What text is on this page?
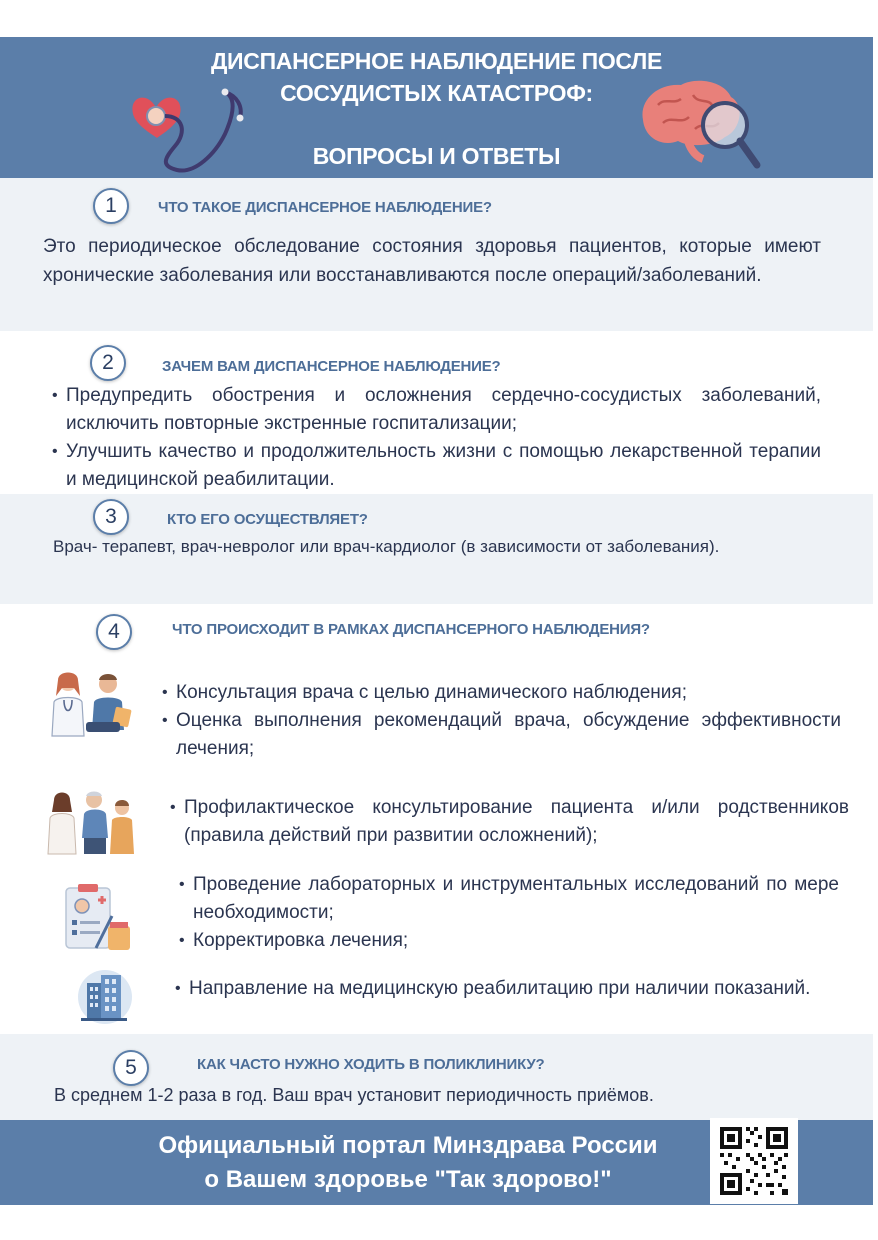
ДИСПАНСЕРНОЕ НАБЛЮДЕНИЕ ПОСЛЕ
СОСУДИСТЫХ КАТАСТРОФ:
ВОПРОСЫ И ОТВЕТЫ
1	ЧТО ТАКОЕ ДИСПАНСЕРНОЕ НАБЛЮДЕНИЕ?
Это периодическое обследование состояния здоровья пациентов, которые имеют хронические заболевания или восстанавливаются после операций/заболеваний.
2	ЗАЧЕМ ВАМ ДИСПАНСЕРНОЕ НАБЛЮДЕНИЕ?
• Предупредить обострения и осложнения сердечно-сосудистых заболеваний, исключить повторные экстренные госпитализации;
• Улучшить качество и продолжительность жизни с помощью лекарственной терапии и медицинской реабилитации.
3	КТО ЕГО ОСУЩЕСТВЛЯЕТ?
Врач- терапевт, врач-невролог или врач-кардиолог (в зависимости от заболевания).
4	ЧТО ПРОИСХОДИТ В РАМКАХ ДИСПАНСЕРНОГО НАБЛЮДЕНИЯ?
• Консультация врача с целью динамического наблюдения;
• Оценка выполнения рекомендаций врача, обсуждение эффективности лечения;
• Профилактическое консультирование пациента и/или родственников (правила действий при развитии осложнений);
• Проведение лабораторных и инструментальных исследований по мере необходимости;
• Корректировка лечения;
• Направление на медицинскую реабилитацию при наличии показаний.
5	КАК ЧАСТО НУЖНО ХОДИТЬ В ПОЛИКЛИНИКУ?
В среднем 1-2 раза в год. Ваш врач установит периодичность приёмов.
Официальный портал Минздрава России
о Вашем здоровье "Так здорово!"
